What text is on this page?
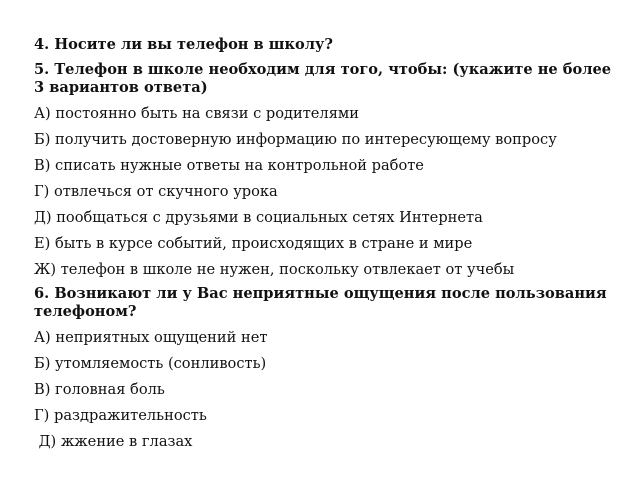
4. Носите ли вы телефон в школу?

5. Телефон в школе необходим для того, чтобы: (укажите не более 3 вариантов ответа)

А) постоянно быть на связи с родителями

Б) получить достоверную информацию по интересующему вопросу

В) списать нужные ответы на контрольной работе

Г) отвлечься от скучного урока

Д) пообщаться с друзьями в социальных сетях Интернета

Е) быть в курсе событий, происходящих в стране и мире

Ж) телефон в школе не нужен, поскольку отвлекает от учебы

6. Возникают ли у Вас неприятные ощущения после пользования телефоном?

А) неприятных ощущений нет

Б) утомляемость (сонливость)

В) головная боль

Г) раздражительность

Д) жжение в глазах
